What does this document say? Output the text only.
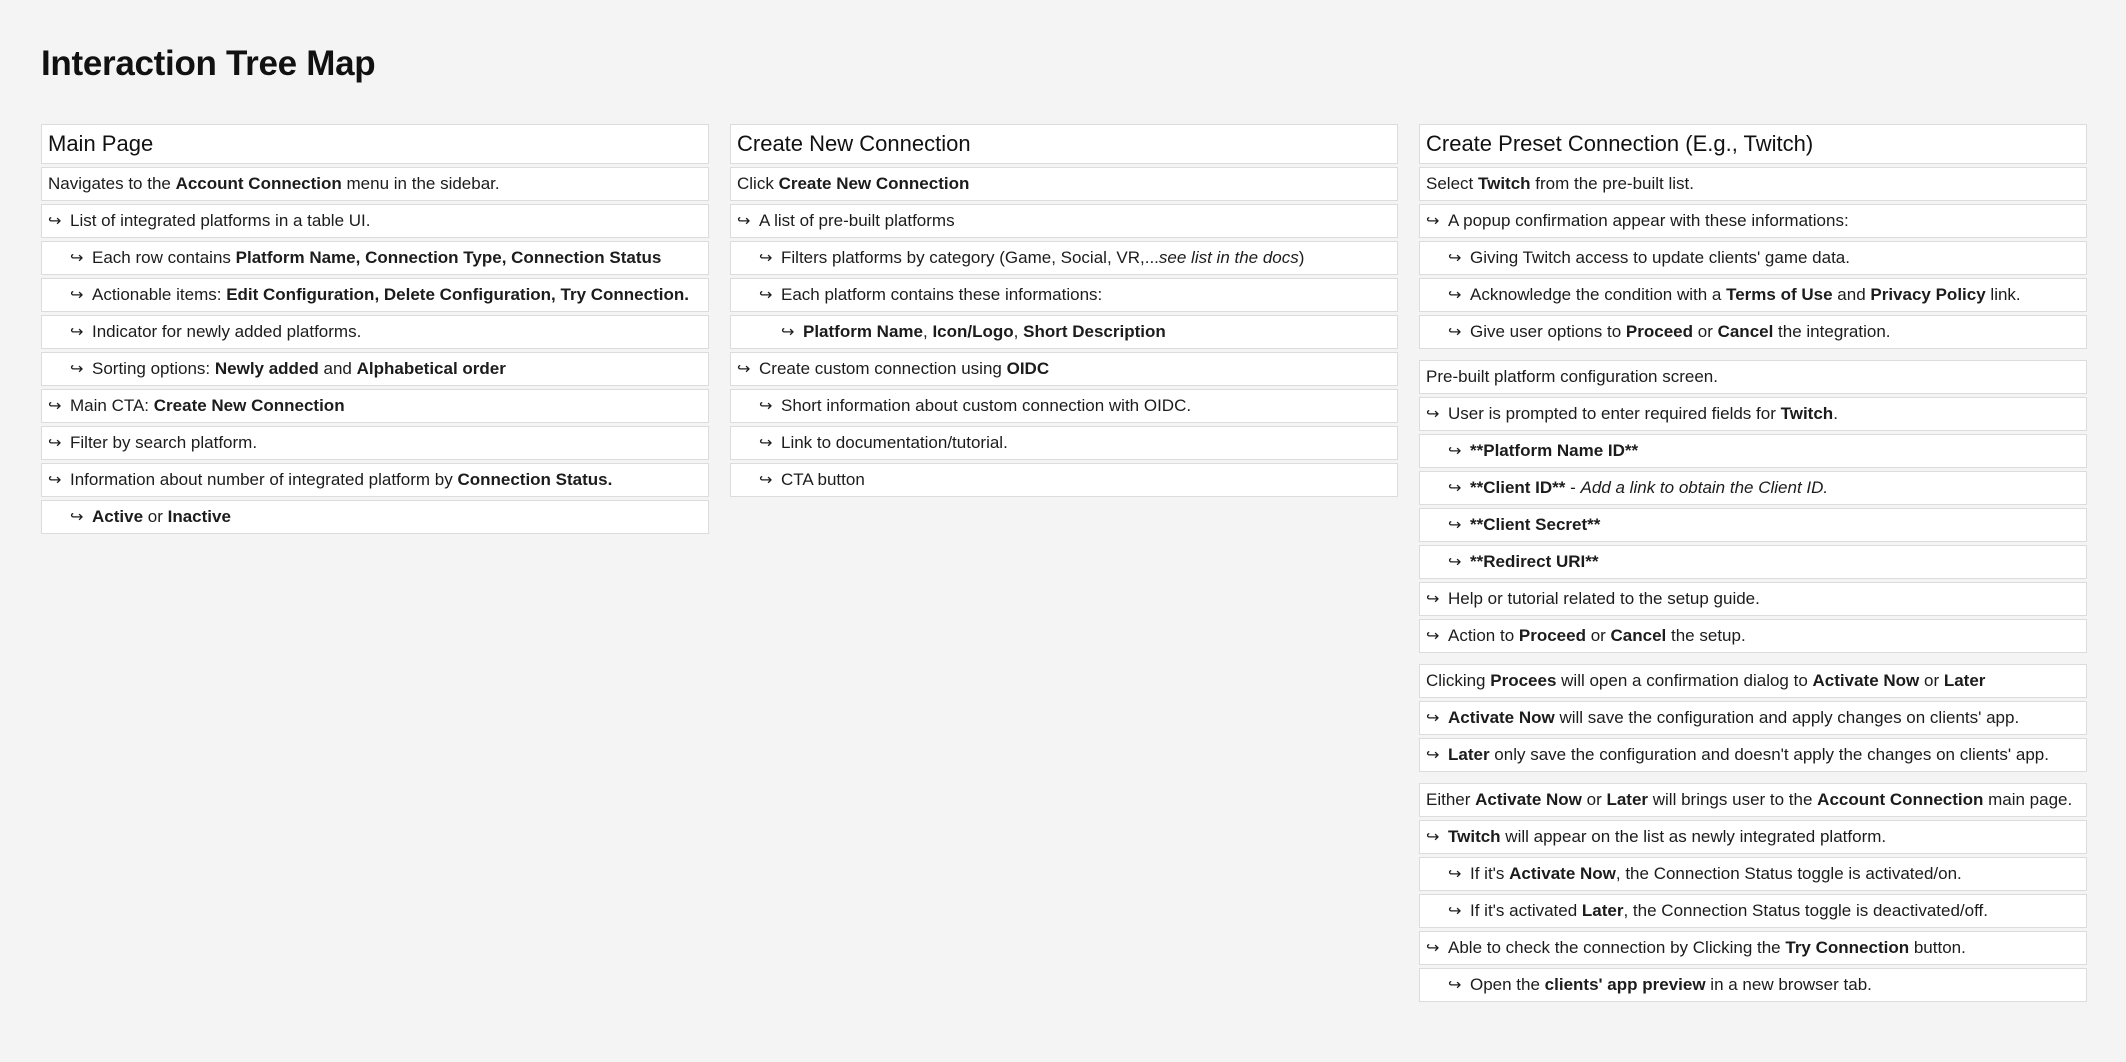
Interaction Tree Map
Main Page
Navigates to the Account Connection menu in the sidebar.
↪ List of integrated platforms in a table UI.
↪ Each row contains Platform Name, Connection Type, Connection Status
↪ Actionable items: Edit Configuration, Delete Configuration, Try Connection.
↪ Indicator for newly added platforms.
↪ Sorting options: Newly added and Alphabetical order
↪ Main CTA: Create New Connection
↪ Filter by search platform.
↪ Information about number of integrated platform by Connection Status.
↪ Active or Inactive
Create New Connection
Click Create New Connection
↪ A list of pre-built platforms
↪ Filters platforms by category (Game, Social, VR,...see list in the docs)
↪ Each platform contains these informations:
↪ Platform Name, Icon/Logo, Short Description
↪ Create custom connection using OIDC
↪ Short information about custom connection with OIDC.
↪ Link to documentation/tutorial.
↪ CTA button
Create Preset Connection (E.g., Twitch)
Select Twitch from the pre-built list.
↪ A popup confirmation appear with these informations:
↪ Giving Twitch access to update clients' game data.
↪ Acknowledge the condition with a Terms of Use and Privacy Policy link.
↪ Give user options to Proceed or Cancel the integration.
Pre-built platform configuration screen.
↪ User is prompted to enter required fields for Twitch.
↪ **Platform Name ID**
↪ **Client ID** - Add a link to obtain the Client ID.
↪ **Client Secret**
↪ **Redirect URI**
↪ Help or tutorial related to the setup guide.
↪ Action to Proceed or Cancel the setup.
Clicking Procees will open a confirmation dialog to Activate Now or Later
↪ Activate Now will save the configuration and apply changes on clients' app.
↪ Later only save the configuration and doesn't apply the changes on clients' app.
Either Activate Now or Later will brings user to the Account Connection main page.
↪ Twitch will appear on the list as newly integrated platform.
↪ If it's Activate Now, the Connection Status toggle is activated/on.
↪ If it's activated Later, the Connection Status toggle is deactivated/off.
↪ Able to check the connection by Clicking the Try Connection button.
↪ Open the clients' app preview in a new browser tab.
